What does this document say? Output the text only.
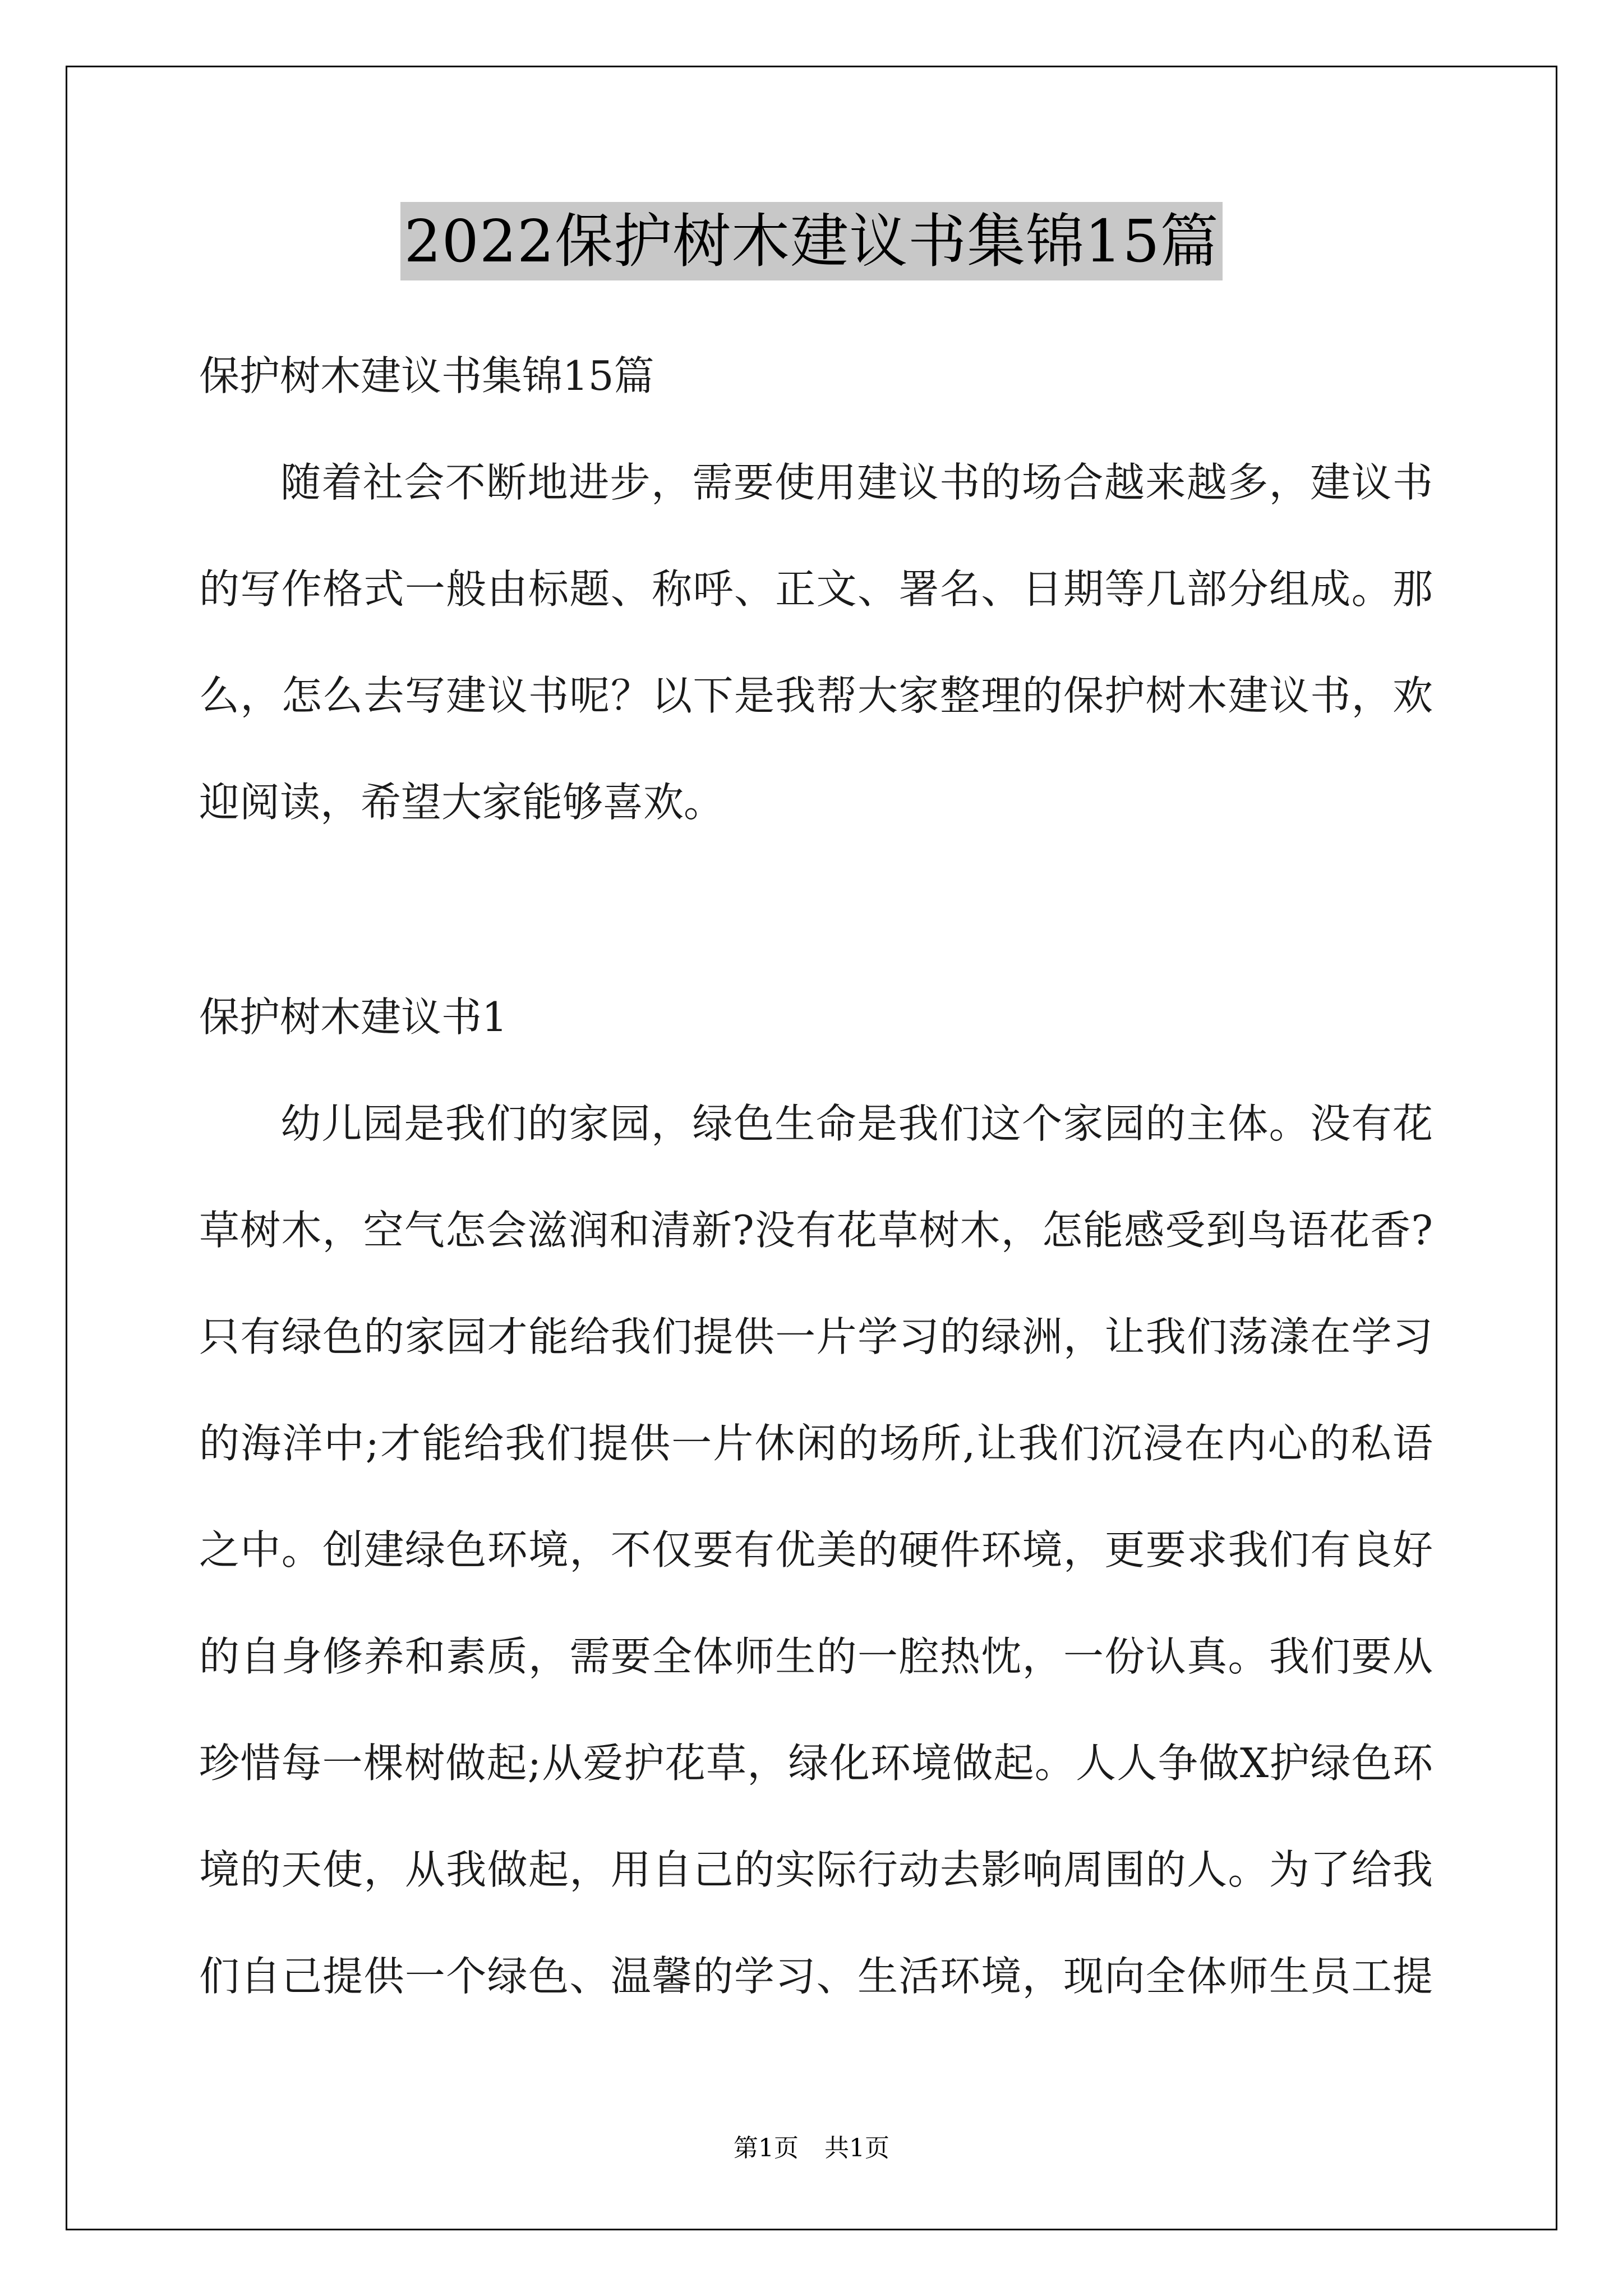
2022保护树木建议书集锦15篇
保护树木建议书集锦15篇
随着社会不断地进步，需要使用建议书的场合越来越多，建议书
的写作格式一般由标题、称呼、正文、署名、日期等几部分组成。那
么，怎么去写建议书呢？以下是我帮大家整理的保护树木建议书，欢
迎阅读，希望大家能够喜欢。
保护树木建议书1
幼儿园是我们的家园，绿色生命是我们这个家园的主体。没有花
草树木，空气怎会滋润和清新?没有花草树木，怎能感受到鸟语花香?
只有绿色的家园才能给我们提供一片学习的绿洲，让我们荡漾在学习
的海洋中;才能给我们提供一片休闲的场所,让我们沉浸在内心的私语
之中。创建绿色环境，不仅要有优美的硬件环境，更要求我们有良好
的自身修养和素质，需要全体师生的一腔热忱，一份认真。我们要从
珍惜每一棵树做起;从爱护花草，绿化环境做起。人人争做X护绿色环
境的天使，从我做起，用自己的实际行动去影响周围的人。为了给我
们自己提供一个绿色、温馨的学习、生活环境，现向全体师生员工提
第1页 共1页
